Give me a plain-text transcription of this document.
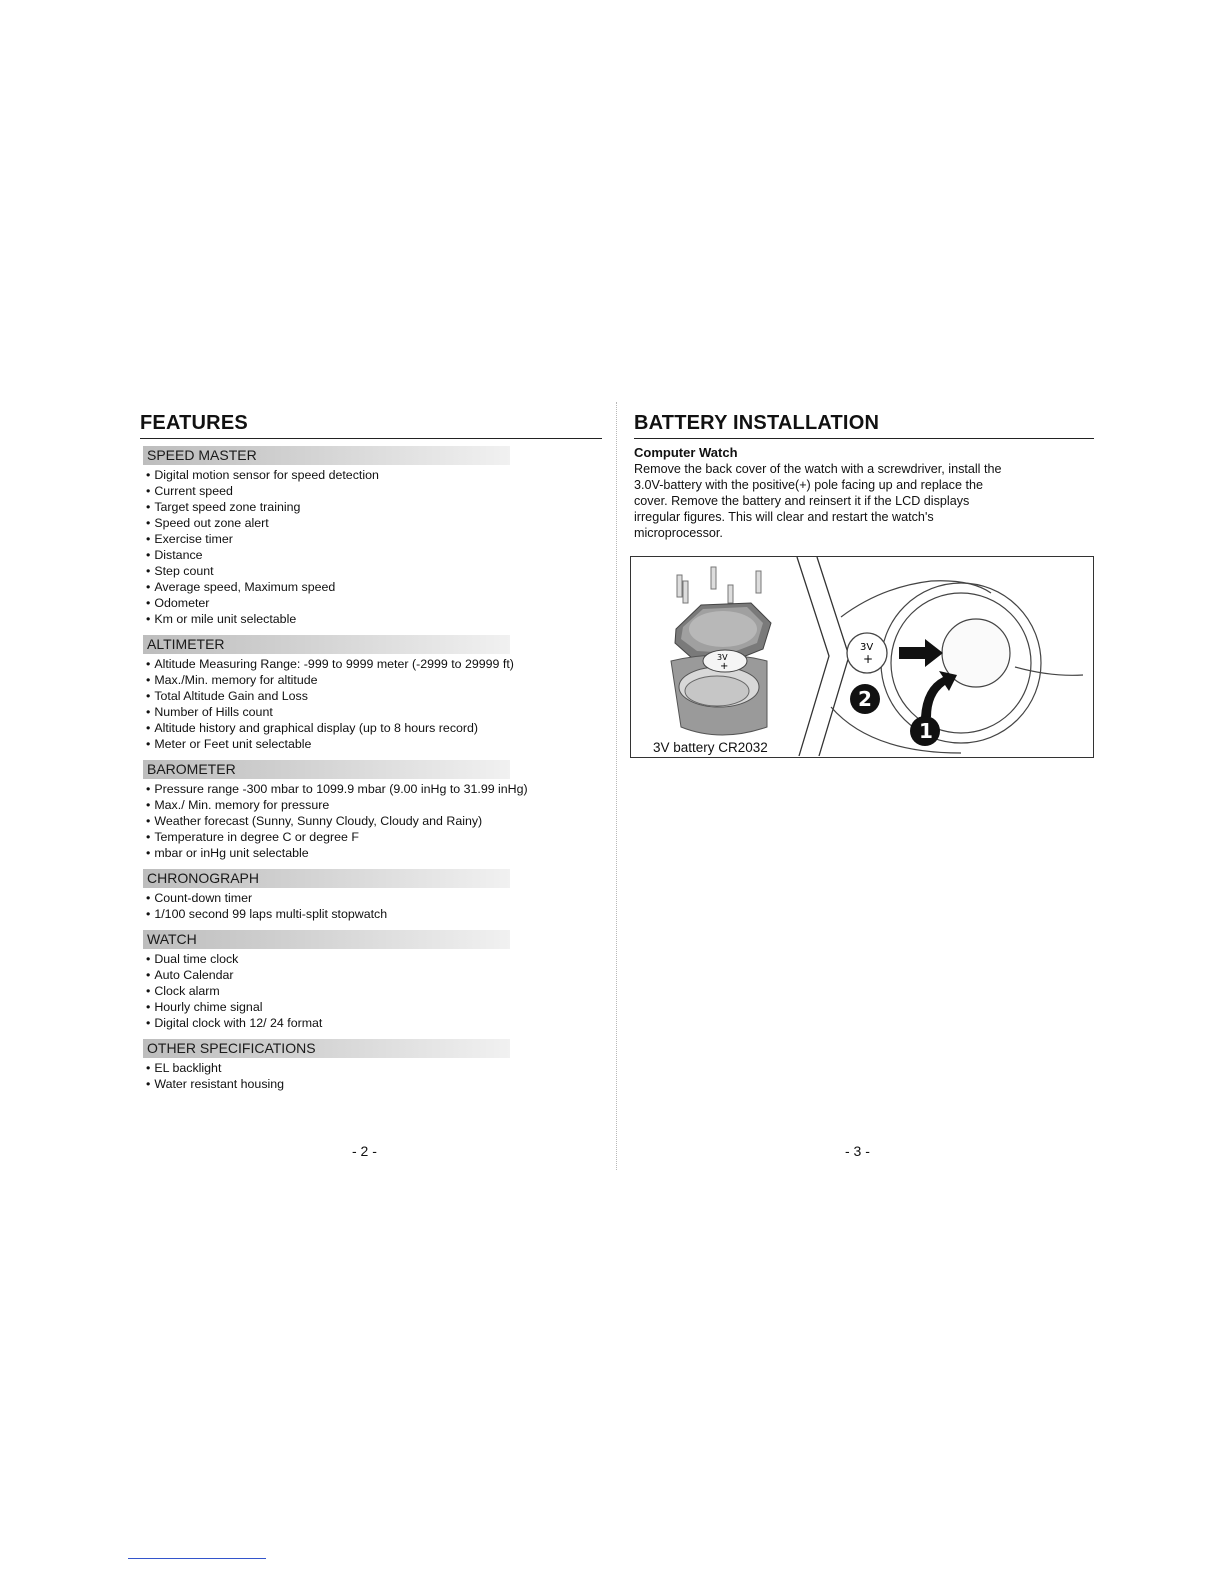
FEATURES
SPEED MASTER
• Digital motion sensor for speed detection
• Current speed
• Target speed zone training
• Speed out zone alert
• Exercise timer
• Distance
• Step count
• Average speed, Maximum speed
• Odometer
• Km or mile unit selectable
ALTIMETER
• Altitude Measuring Range: -999 to 9999 meter (-2999 to 29999 ft)
• Max./Min. memory for altitude
• Total Altitude Gain and Loss
• Number of Hills count
• Altitude history and graphical display (up to 8 hours record)
• Meter or Feet unit selectable
BAROMETER
• Pressure range -300 mbar to 1099.9 mbar (9.00 inHg to 31.99 inHg)
• Max./ Min. memory for pressure
• Weather forecast (Sunny, Sunny Cloudy, Cloudy and Rainy)
• Temperature in degree C or degree F
• mbar or inHg unit selectable
CHRONOGRAPH
• Count-down timer
• 1/100 second 99 laps multi-split stopwatch
WATCH
• Dual time clock
• Auto Calendar
• Clock alarm
• Hourly chime signal
• Digital clock with 12/ 24 format
OTHER SPECIFICATIONS
• EL backlight
• Water resistant housing
- 2 -
BATTERY INSTALLATION
Computer Watch

Remove the back cover of the watch with a screwdriver, install the

3.0V-battery with the positive(+) pole facing up and replace the

cover. Remove the battery and reinsert it if the LCD displays

irregular figures. This will clear and restart the watch's

microprocessor.

3V
+
3V
+
2
1
3V battery CR2032
- 3 -
